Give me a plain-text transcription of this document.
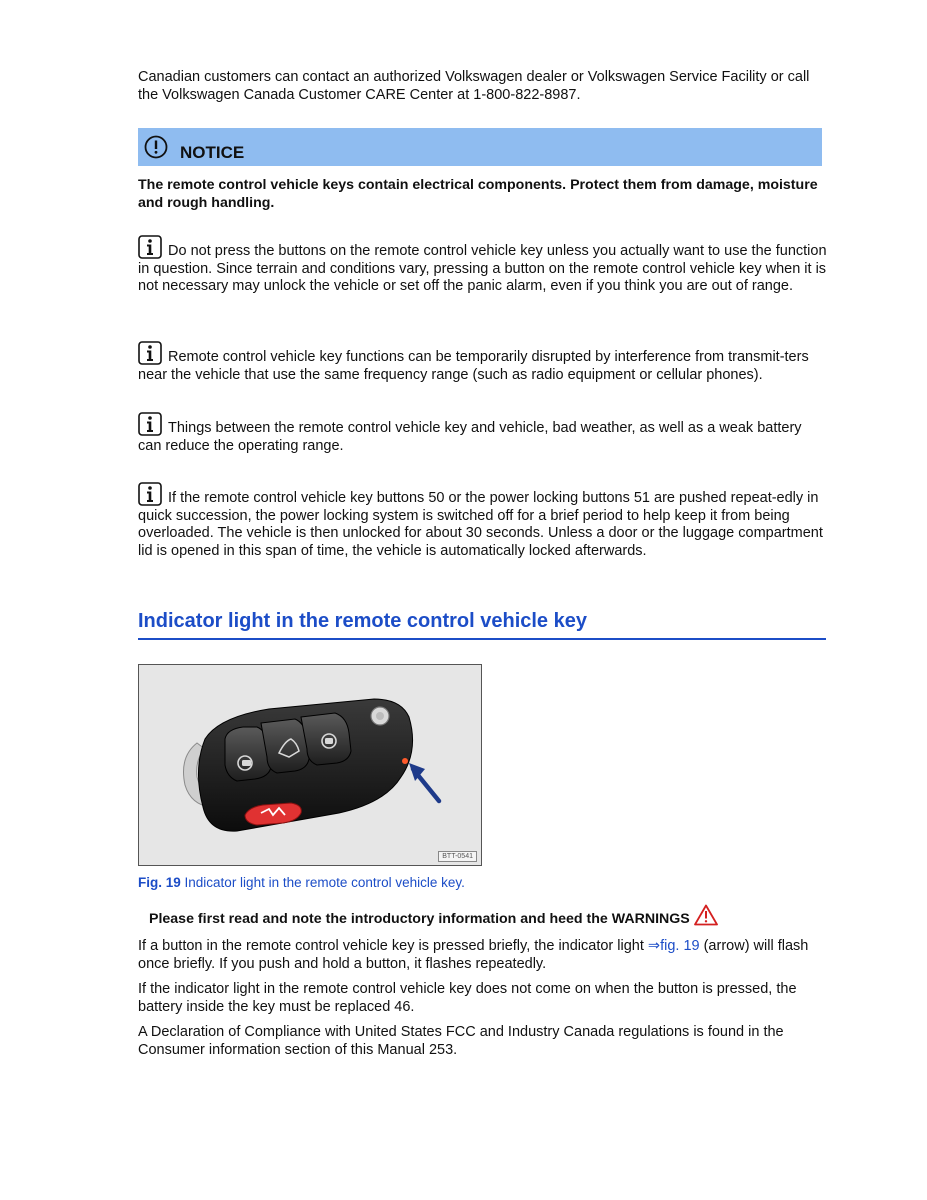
Canadian customers can contact an authorized Volkswagen dealer or Volkswagen Service Facility or call the Volkswagen Canada Customer CARE Center at 1-800-822-8987.

NOTICE

The remote control vehicle keys contain electrical components. Protect them from damage, moisture and rough handling.

Do not press the buttons on the remote control vehicle key unless you actually want to use the function in question. Since terrain and conditions vary, pressing a button on the remote control vehicle key when it is not necessary may unlock the vehicle or set off the panic alarm, even if you think you are out of range.

Remote control vehicle key functions can be temporarily disrupted by interference from transmit-ters near the vehicle that use the same frequency range (such as radio equipment or cellular phones).

Things between the remote control vehicle key and vehicle, bad weather, as well as a weak battery can reduce the operating range.

If the remote control vehicle key buttons 50 or the power locking buttons 51 are pushed repeat-edly in quick succession, the power locking system is switched off for a brief period to help keep it from being overloaded. The vehicle is then unlocked for about 30 seconds. Unless a door or the luggage compartment lid is opened in this span of time, the vehicle is automatically locked afterwards.

Indicator light in the remote control vehicle key
BTT-0541

Fig. 19 Indicator light in the remote control vehicle key.

Please first read and note the introductory information and heed the WARNINGS

If a button in the remote control vehicle key is pressed briefly, the indicator light ⇒fig. 19 (arrow) will flash once briefly. If you push and hold a button, it flashes repeatedly.

If the indicator light in the remote control vehicle key does not come on when the button is pressed, the battery inside the key must be replaced 46.

A Declaration of Compliance with United States FCC and Industry Canada regulations is found in the Consumer information section of this Manual 253.
